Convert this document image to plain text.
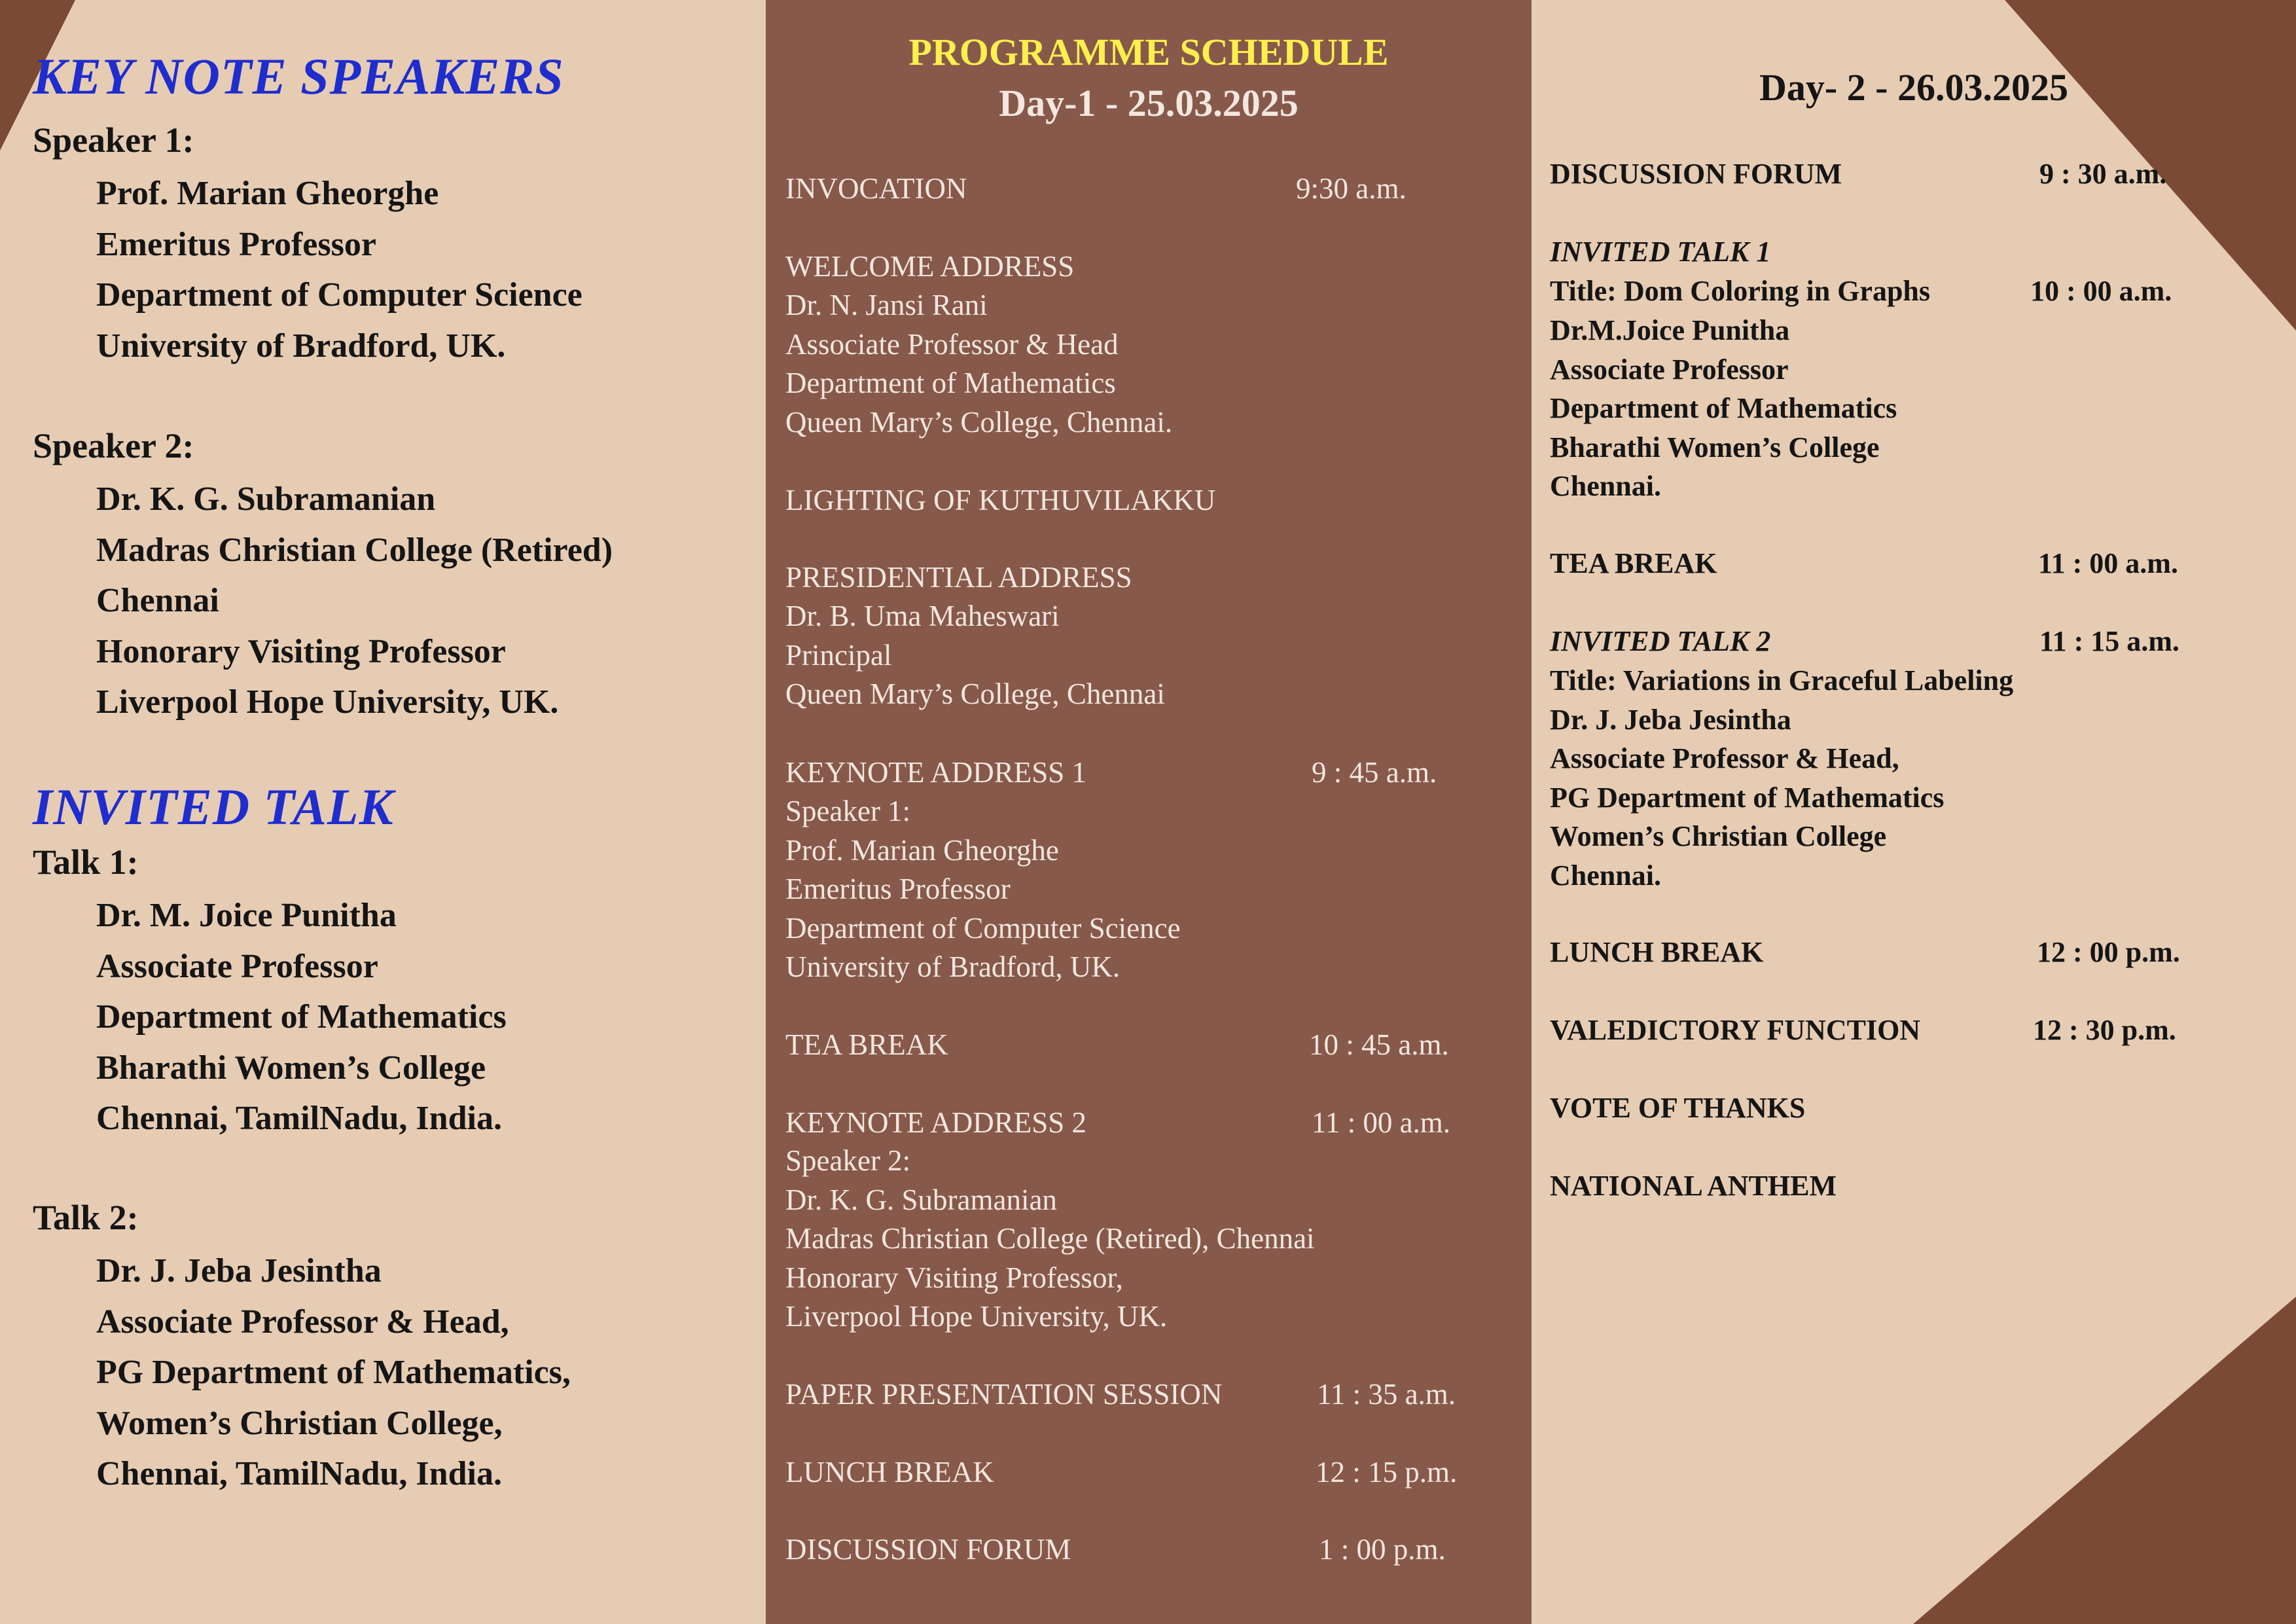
KEY NOTE SPEAKERS

Speaker 1:

Prof. Marian Gheorghe
Emeritus Professor
Department of Computer Science
University of Bradford, UK.

Speaker 2:

Dr. K. G. Subramanian
Madras Christian College (Retired)
Chennai
Honorary Visiting Professor
Liverpool Hope University, UK.
INVITED TALK

Talk 1:

Dr. M. Joice Punitha
Associate Professor
Department of Mathematics
Bharathi Women’s College
Chennai, TamilNadu, India.

Talk 2:

Dr. J. Jeba Jesintha
Associate Professor & Head,
PG Department of Mathematics,
Women’s Christian College,
Chennai, TamilNadu, India.
PROGRAMME SCHEDULE
Day-1 - 25.03.2025

INVOCATION	9:30 a.m.

WELCOME ADDRESS

Dr. N. Jansi Rani
Associate Professor & Head
Department of Mathematics
Queen Mary’s College, Chennai.

LIGHTING OF KUTHUVILAKKU

PRESIDENTIAL ADDRESS

Dr. B. Uma Maheswari
Principal
Queen Mary’s College, Chennai

KEYNOTE ADDRESS 1	9 : 45 a.m.

Speaker 1:
Prof. Marian Gheorghe
Emeritus Professor
Department of Computer Science
University of Bradford, UK.

TEA BREAK	10 : 45 a.m.

KEYNOTE ADDRESS 2	11 : 00 a.m.

Speaker 2:
Dr. K. G. Subramanian
Madras Christian College (Retired), Chennai
Honorary Visiting Professor,
Liverpool Hope University, UK.

PAPER PRESENTATION SESSION	11 : 35 a.m.

LUNCH BREAK	12 : 15 p.m.

DISCUSSION FORUM	1 : 00 p.m.

Day- 2 - 26.03.2025

DISCUSSION FORUM	9 : 30 a.m.

INVITED TALK 1

Title: Dom Coloring in Graphs	10 : 00 a.m.

Dr.M.Joice Punitha
Associate Professor
Department of Mathematics
Bharathi Women’s College
Chennai.

TEA BREAK	11 : 00 a.m.

INVITED TALK 2	11 : 15 a.m.

Title: Variations in Graceful Labeling
Dr. J. Jeba Jesintha
Associate Professor & Head,
PG Department of Mathematics
Women’s Christian College
Chennai.

LUNCH BREAK	12 : 00 p.m.

VALEDICTORY FUNCTION	12 : 30 p.m.

VOTE OF THANKS

NATIONAL ANTHEM
